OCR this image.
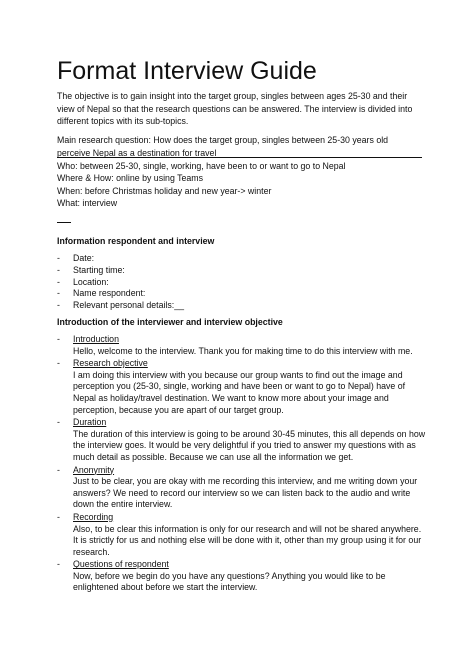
Format Interview Guide
The objective is to gain insight into the target group, singles between ages 25-30 and their view of Nepal so that the research questions can be answered. The interview is divided into different topics with its sub-topics.
Main research question: How does the target group, singles between 25-30 years old perceive Nepal as a destination for travel
Who: between 25-30, single, working, have been to or want to go to Nepal
Where & How: online by using Teams
When: before Christmas holiday and new year-> winter
What: interview
Information respondent and interview
- Date:
- Starting time:
- Location:
- Name respondent:
- Relevant personal details:__
Introduction of the interviewer and interview objective
- Introduction
Hello, welcome to the interview. Thank you for making time to do this interview with me.
- Research objective
I am doing this interview with you because our group wants to find out the image and perception you (25-30, single, working and have been or want to go to Nepal) have of Nepal as holiday/travel destination. We want to know more about your image and perception, because you are apart of our target group.
- Duration
The duration of this interview is going to be around 30-45 minutes, this all depends on how the interview goes. It would be very delightful if you tried to answer my questions with as much detail as possible. Because we can use all the information we get.
- Anonymity
Just to be clear, you are okay with me recording this interview, and me writing down your answers? We need to record our interview so we can listen back to the audio and write down the entire interview.
- Recording
Also, to be clear this information is only for our research and will not be shared anywhere. It is strictly for us and nothing else will be done with it, other than my group using it for our research.
- Questions of respondent
Now, before we begin do you have any questions? Anything you would like to be enlightened about before we start the interview.
